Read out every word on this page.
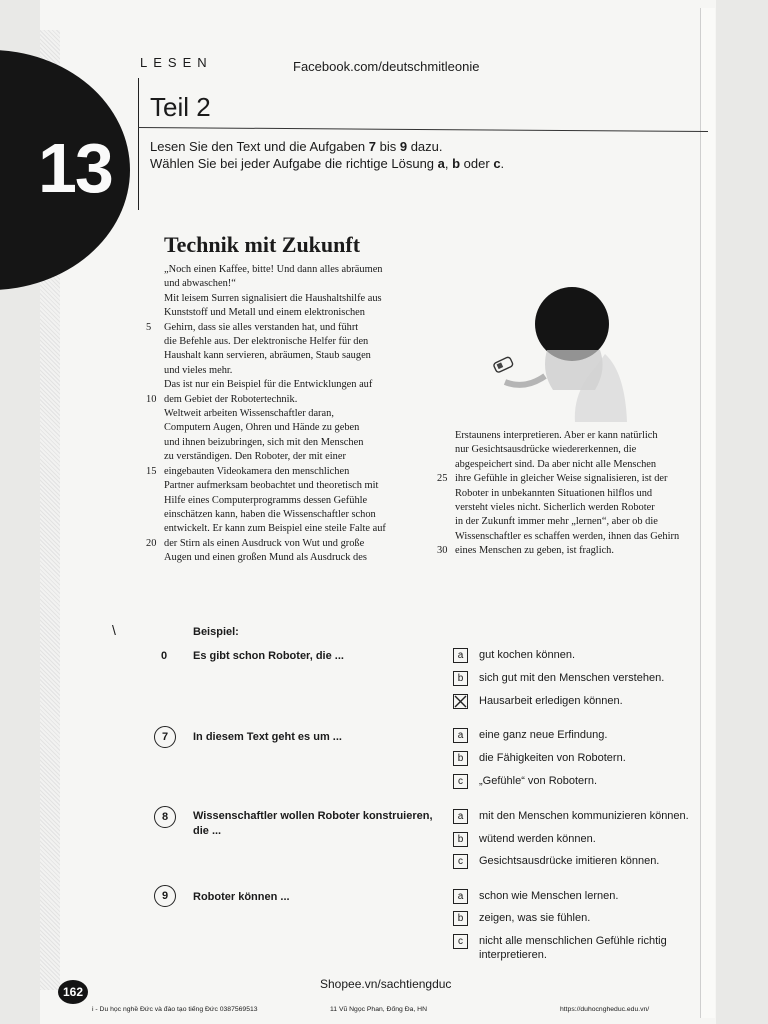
13
LESEN	Facebook.com/deutschmitleonie
Teil 2
Lesen Sie den Text und die Aufgaben 7 bis 9 dazu.
Wählen Sie bei jeder Aufgabe die richtige Lösung a, b oder c.
Technik mit Zukunft
„Noch einen Kaffee, bitte! Und dann alles abräumen
und abwaschen!“
Mit leisem Surren signalisiert die Haushaltshilfe aus
Kunststoff und Metall und einem elektronischen
5	Gehirn, dass sie alles verstanden hat, und führt
die Befehle aus. Der elektronische Helfer für den
Haushalt kann servieren, abräumen, Staub saugen
und vieles mehr.
Das ist nur ein Beispiel für die Entwicklungen auf
10 dem Gebiet der Robotertechnik.
Weltweit arbeiten Wissenschaftler daran,
Computern Augen, Ohren und Hände zu geben
und ihnen beizubringen, sich mit den Menschen
zu verständigen. Den Roboter, der mit einer
15 eingebauten Videokamera den menschlichen
Partner aufmerksam beobachtet und theoretisch mit
Hilfe eines Computerprogramms dessen Gefühle
einschätzen kann, haben die Wissenschaftler schon
entwickelt. Er kann zum Beispiel eine steile Falte auf
20 der Stirn als einen Ausdruck von Wut und große
Augen und einen großen Mund als Ausdruck des
Erstaunens interpretieren. Aber er kann natürlich
nur Gesichtsausdrücke wiedererkennen, die
abgespeichert sind. Da aber nicht alle Menschen
25 ihre Gefühle in gleicher Weise signalisieren, ist der
Roboter in unbekannten Situationen hilflos und
versteht vieles nicht. Sicherlich werden Roboter
in der Zukunft immer mehr „lernen“, aber ob die
Wissenschaftler es schaffen werden, ihnen das Gehirn
30 eines Menschen zu geben, ist fraglich.
\	Beispiel:
0 Es gibt schon Roboter, die ...	a	gut kochen können.
b	sich gut mit den Menschen verstehen.
Hausarbeit erledigen können.
7	In diesem Text geht es um ...	a	eine ganz neue Erfindung.
b	die Fähigkeiten von Robotern.
c	„Gefühle“ von Robotern.
8	Wissenschaftler wollen Roboter konstruieren,
die ...
a	mit den Menschen kommunizieren können.
b	wütend werden können.
c	Gesichtsausdrücke imitieren können.
9	Roboter können ...	a	schon wie Menschen lernen.
b	zeigen, was sie fühlen.
c	nicht alle menschlichen Gefühle richtig
interpretieren.
Shopee.vn/sachtiengduc
162
i - Du học nghề Đức và đào tạo tiếng Đức 0387569513	11 Vũ Ngọc Phan, Đống Đa, HN	https://duhocngheduc.edu.vn/
